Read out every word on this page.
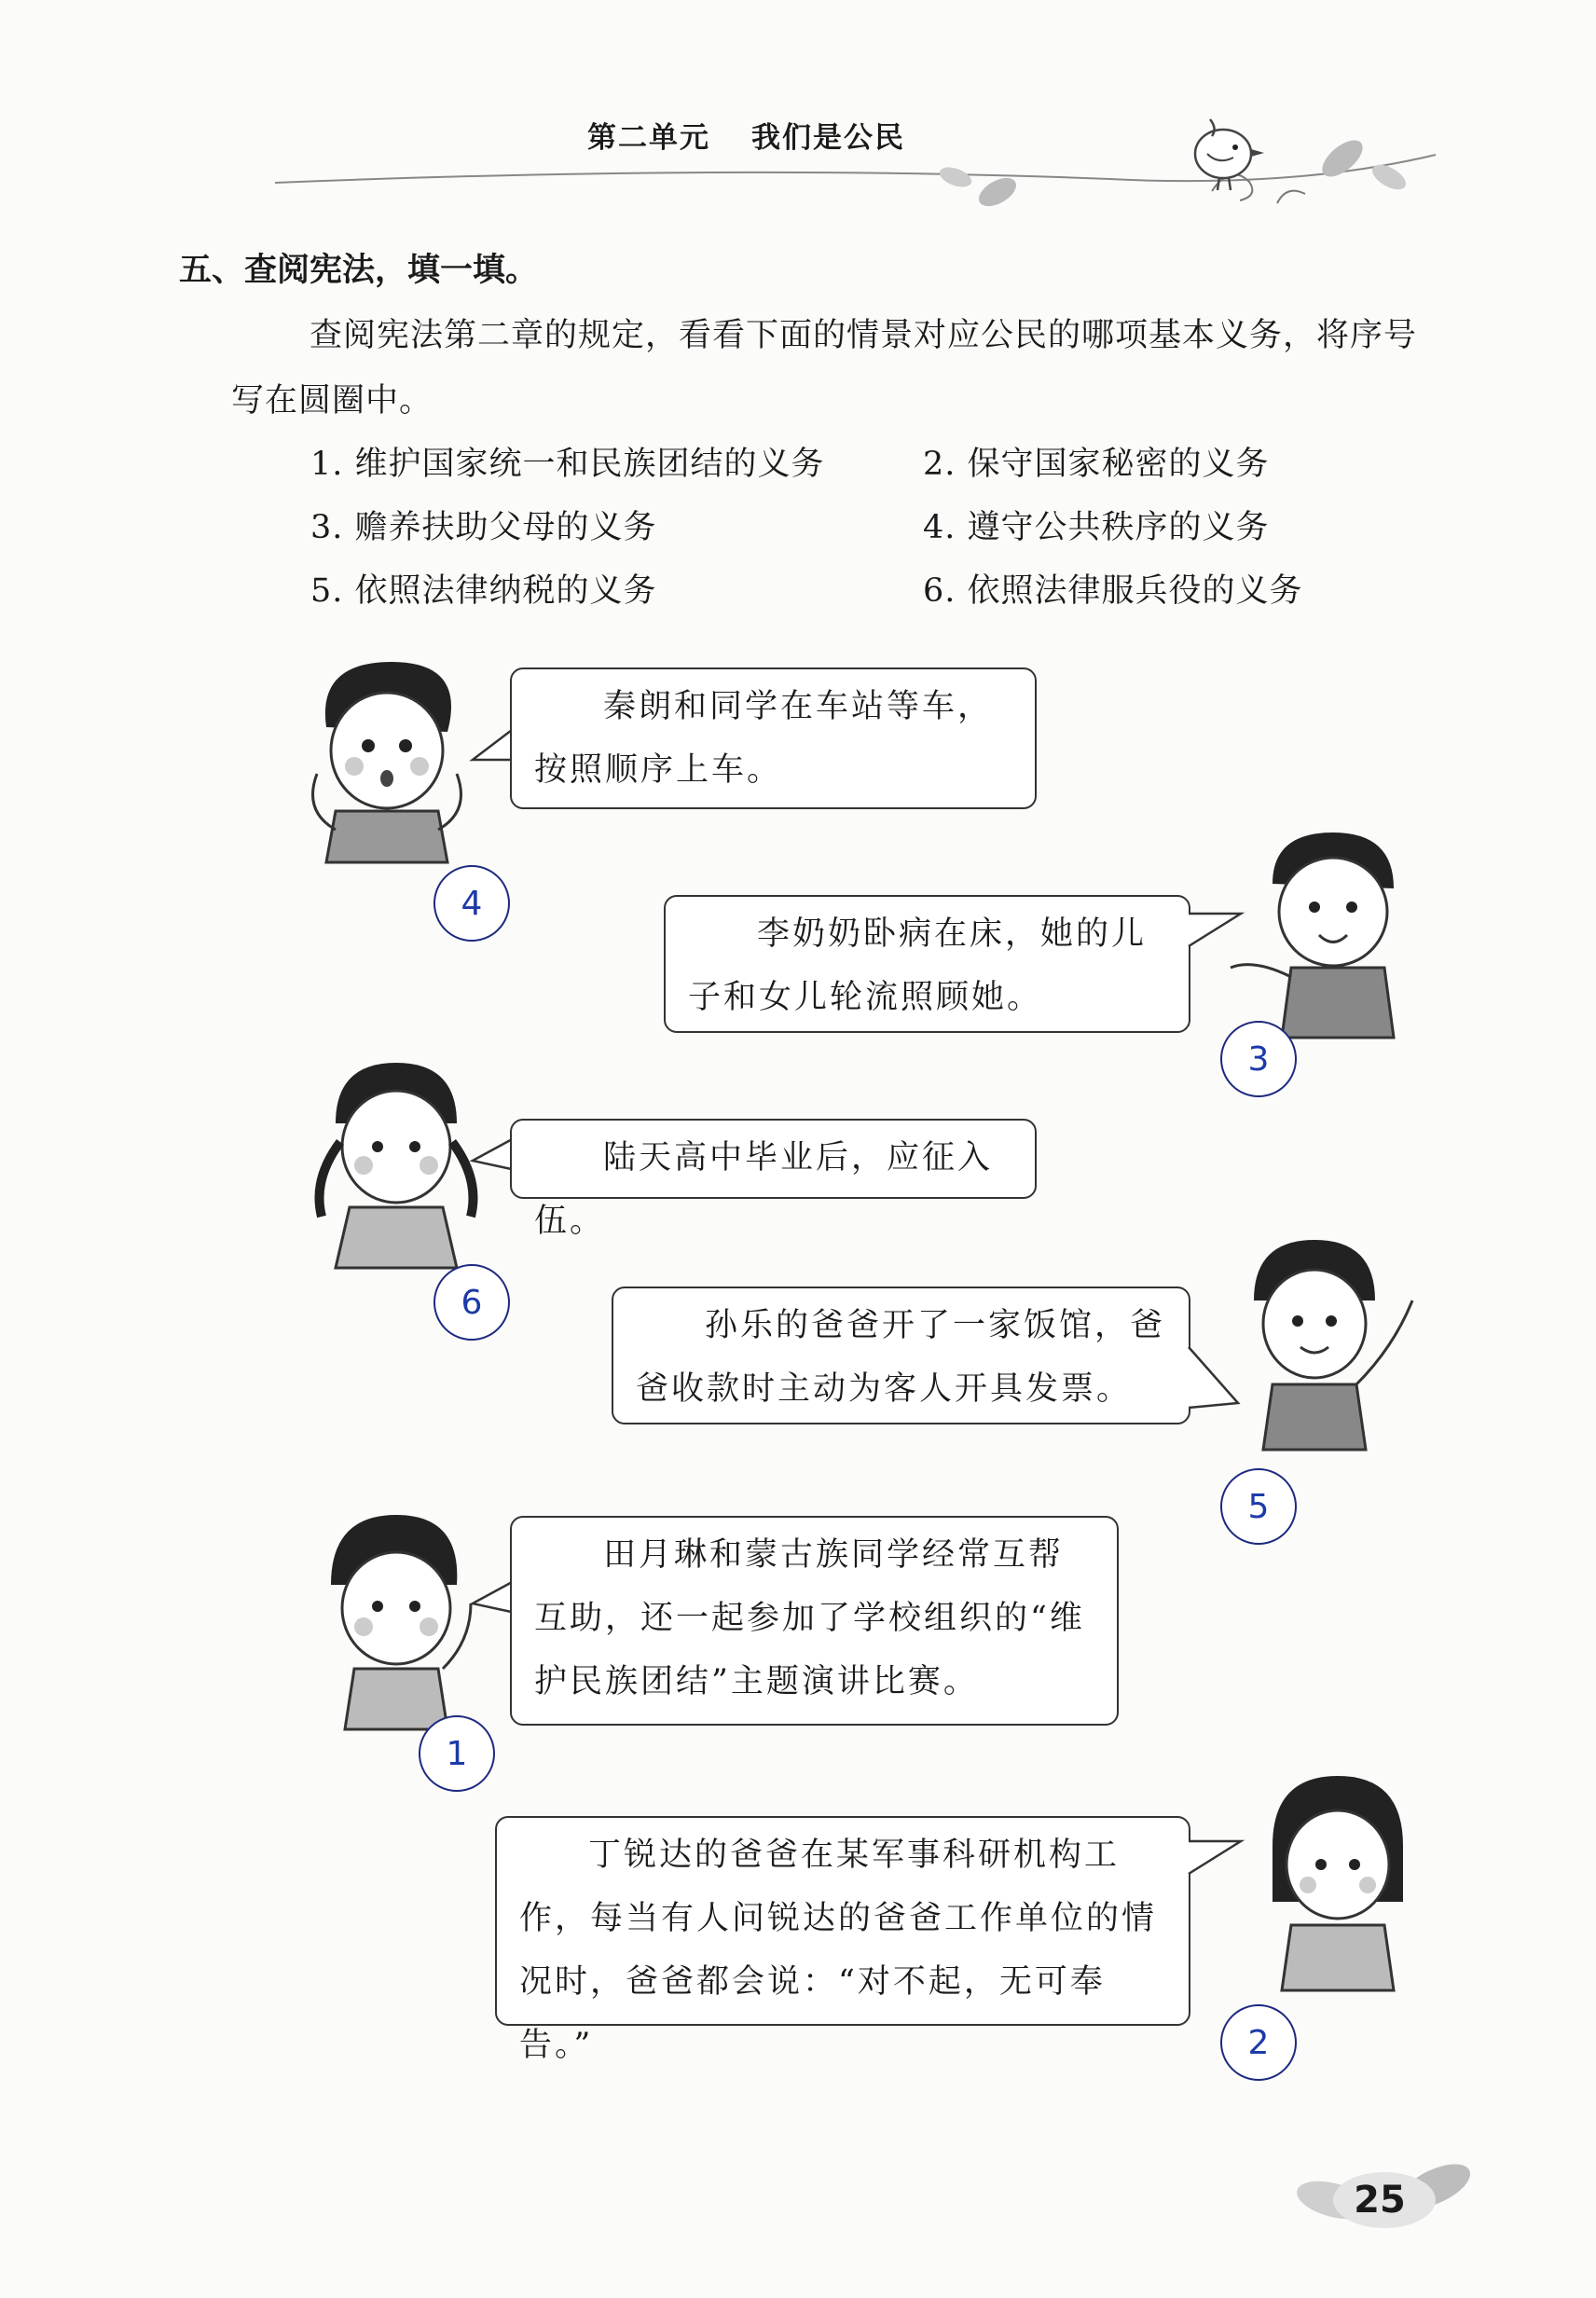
第二单元 我们是公民
五、查阅宪法，填一填。
查阅宪法第二章的规定，看看下面的情景对应公民的哪项基本义务，将序号写在圆圈中。
1. 维护国家统一和民族团结的义务	2. 保守国家秘密的义务
3. 赡养扶助父母的义务	4. 遵守公共秩序的义务
5. 依照法律纳税的义务	6. 依照法律服兵役的义务
秦朗和同学在车站等车，按照顺序上车。
4
李奶奶卧病在床，她的儿子和女儿轮流照顾她。
3
陆天高中毕业后，应征入伍。
6
孙乐的爸爸开了一家饭馆，爸爸收款时主动为客人开具发票。
5
田月琳和蒙古族同学经常互帮互助，还一起参加了学校组织的“维护民族团结”主题演讲比赛。
1
丁锐达的爸爸在某军事科研机构工作，每当有人问锐达的爸爸工作单位的情况时，爸爸都会说：“对不起，无可奉告。”	2
25
